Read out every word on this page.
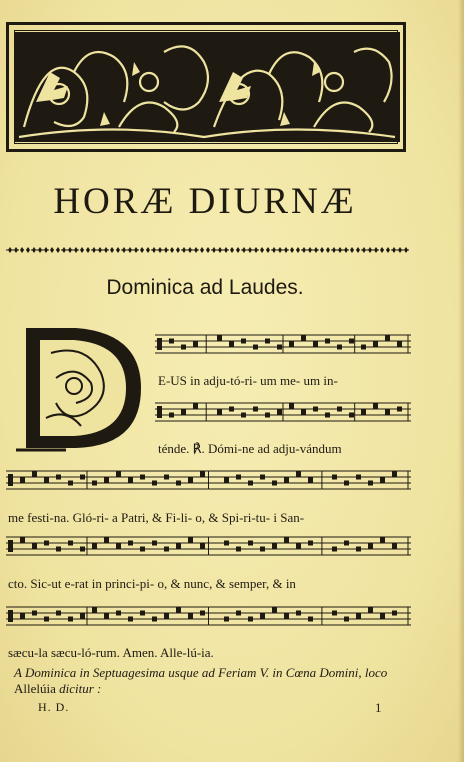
HORÆ DIURNÆ
Dominica ad Laudes.
E-US in adju-tó-ri- um me- um in-
ténde. ℟. Dómi-ne ad adju-vándum
me festi-na. Gló-ri- a Patri, & Fi-li- o, & Spi-ri-tu- i San-
cto. Sic-ut e-rat in princi-pi- o, & nunc, & semper, & in
sæcu-la sæcu-ló-rum. Amen. Alle-lú-ia.
A Dominica in Septuagesima usque ad Feriam V. in Cœna Domini, loco Allelúia dicitur :
H. D.	1
